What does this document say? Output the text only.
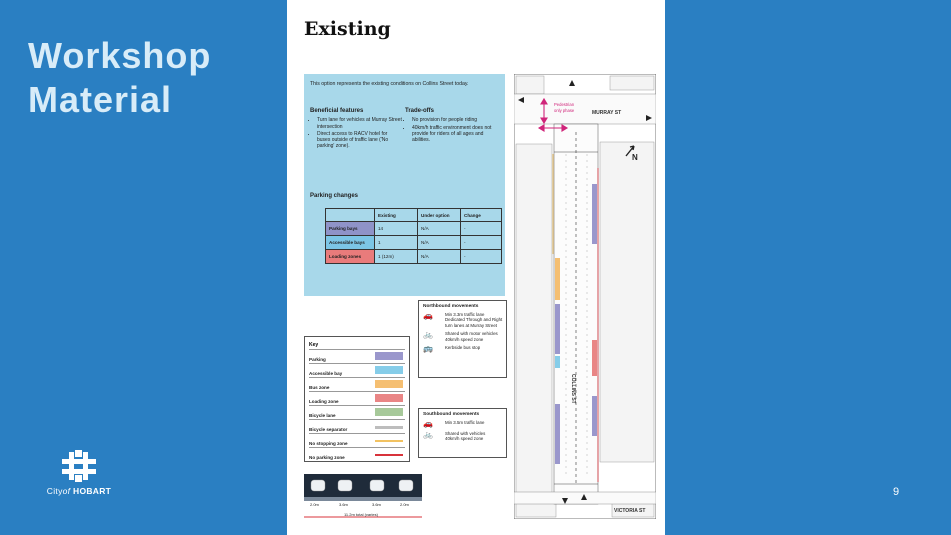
Workshop
Material
Cityof HOBART	9
Existing
This option represents the existing conditions on Collins Street today.
Beneficial features
• Turn lane for vehicles at Murray Street intersection
• Direct access to RACV hotel for buses outside of traffic lane ('No parking' zone).
Trade-offs
• No provision for people riding
• 40km/h traffic environment does not provide for riders of all ages and abilities.
Parking changes
	Existing	Under option	Change
Parking bays	14	N/A	-
Accessible bays	1	N/A	-
Loading zones	1 (12m)	N/A	-
Key
Parking
Accessible bay
Bus zone
Loading zone
Bicycle lane
Bicycle separator
No stopping zone
No parking zone
Northbound movements
🚗	Min 3.3m traffic lane
Dedicated Through and Right turn lanes at Murray Street
🚲	Shared with motor vehicles
40km/h speed zone
🚌	Kerbside bus stop
Southbound movements
🚗	Min 3.5m traffic lane
🚲	Shared with vehicles
40km/h speed zone
2.0m	3.6m	3.6m	2.0m
11.2m total (varies)
Pedestrian
only phase	MURRAY ST
COLLINS ST
VICTORIA ST
N
